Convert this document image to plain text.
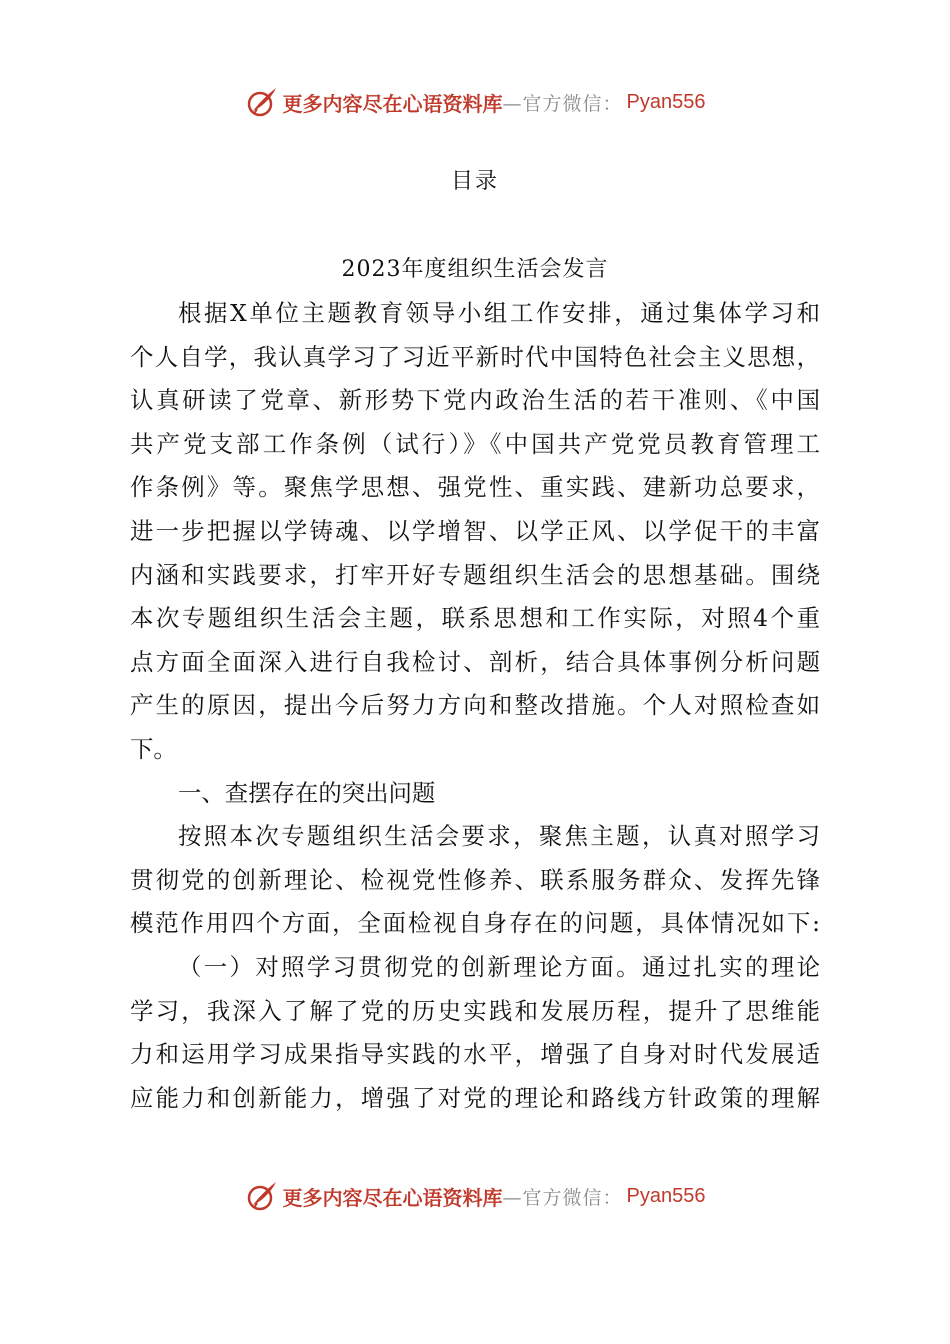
更多内容尽在心语资料库 —官方微信： Pyan556
目录
2023年度组织生活会发言
根据X单位主题教育领导小组工作安排，通过集体学习和
个人自学，我认真学习了习近平新时代中国特色社会主义思想，
认真研读了党章、新形势下党内政治生活的若干准则、《中国
共产党支部工作条例（试行）》《中国共产党党员教育管理工
作条例》等。聚焦学思想、强党性、重实践、建新功总要求，
进一步把握以学铸魂、以学增智、以学正风、以学促干的丰富
内涵和实践要求，打牢开好专题组织生活会的思想基础。围绕
本次专题组织生活会主题，联系思想和工作实际，对照4个重
点方面全面深入进行自我检讨、剖析，结合具体事例分析问题
产生的原因，提出今后努力方向和整改措施。个人对照检查如
下。
一、查摆存在的突出问题
按照本次专题组织生活会要求，聚焦主题，认真对照学习
贯彻党的创新理论、检视党性修养、联系服务群众、发挥先锋
模范作用四个方面，全面检视自身存在的问题，具体情况如下:
（一）对照学习贯彻党的创新理论方面。通过扎实的理论
学习，我深入了解了党的历史实践和发展历程，提升了思维能
力和运用学习成果指导实践的水平，增强了自身对时代发展适
应能力和创新能力，增强了对党的理论和路线方针政策的理解
更多内容尽在心语资料库 —官方微信： Pyan556
